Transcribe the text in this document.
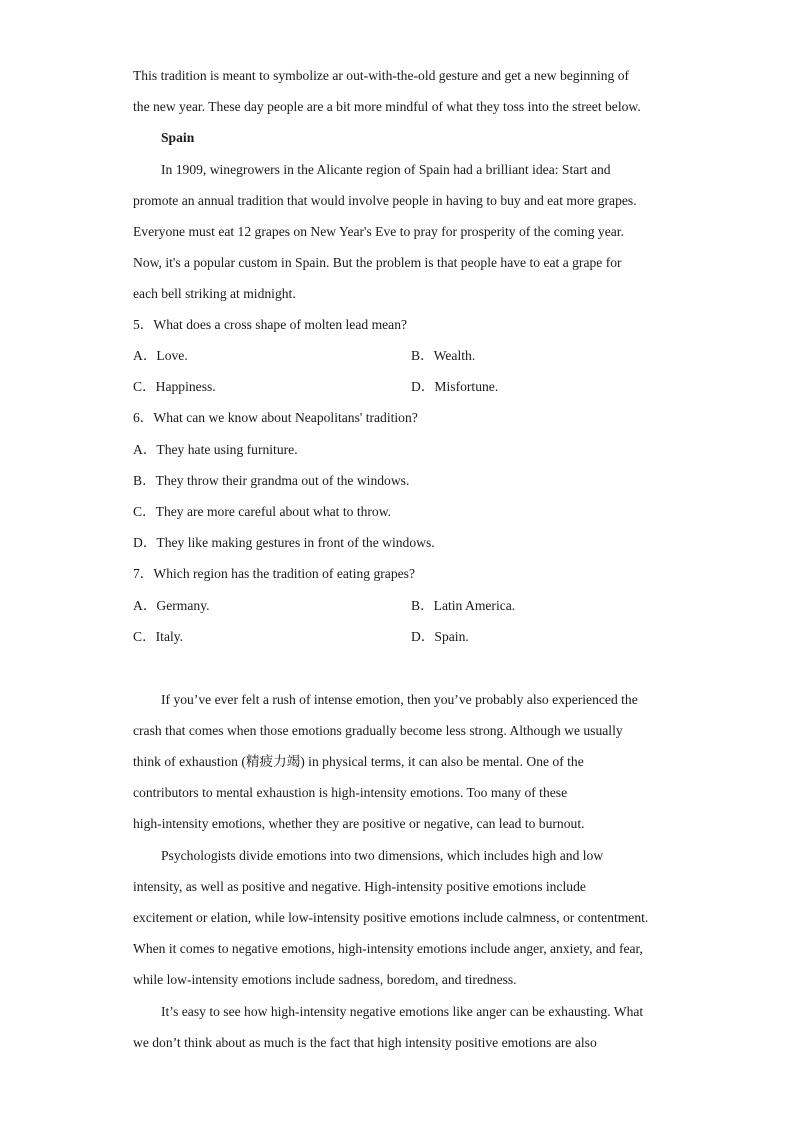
This tradition is meant to symbolize ar out-with-the-old gesture and get a new beginning of
the new year. These day people are a bit more mindful of what they toss into the street below.
Spain
In 1909, winegrowers in the Alicante region of Spain had a brilliant idea: Start and
promote an annual tradition that would involve people in having to buy and eat more grapes.
Everyone must eat 12 grapes on New Year's Eve to pray for prosperity of the coming year.
Now, it's a popular custom in Spain. But the problem is that people have to eat a grape for
each bell striking at midnight.
5．What does a cross shape of molten lead mean?
A．Love.	B．Wealth.
C．Happiness.	D．Misfortune.
6．What can we know about Neapolitans' tradition?
A．They hate using furniture.
B．They throw their grandma out of the windows.
C．They are more careful about what to throw.
D．They like making gestures in front of the windows.
7．Which region has the tradition of eating grapes?
A．Germany.	B．Latin America.
C．Italy.	D．Spain.
If you’ve ever felt a rush of intense emotion, then you’ve probably also experienced the
crash that comes when those emotions gradually become less strong. Although we usually
think of exhaustion (精疲力竭) in physical terms, it can also be mental. One of the
contributors to mental exhaustion is high-intensity emotions. Too many of these
high-intensity emotions, whether they are positive or negative, can lead to burnout.
Psychologists divide emotions into two dimensions, which includes high and low
intensity, as well as positive and negative. High-intensity positive emotions include
excitement or elation, while low-intensity positive emotions include calmness, or contentment.
When it comes to negative emotions, high-intensity emotions include anger, anxiety, and fear,
while low-intensity emotions include sadness, boredom, and tiredness.
It’s easy to see how high-intensity negative emotions like anger can be exhausting. What
we don’t think about as much is the fact that high intensity positive emotions are also
